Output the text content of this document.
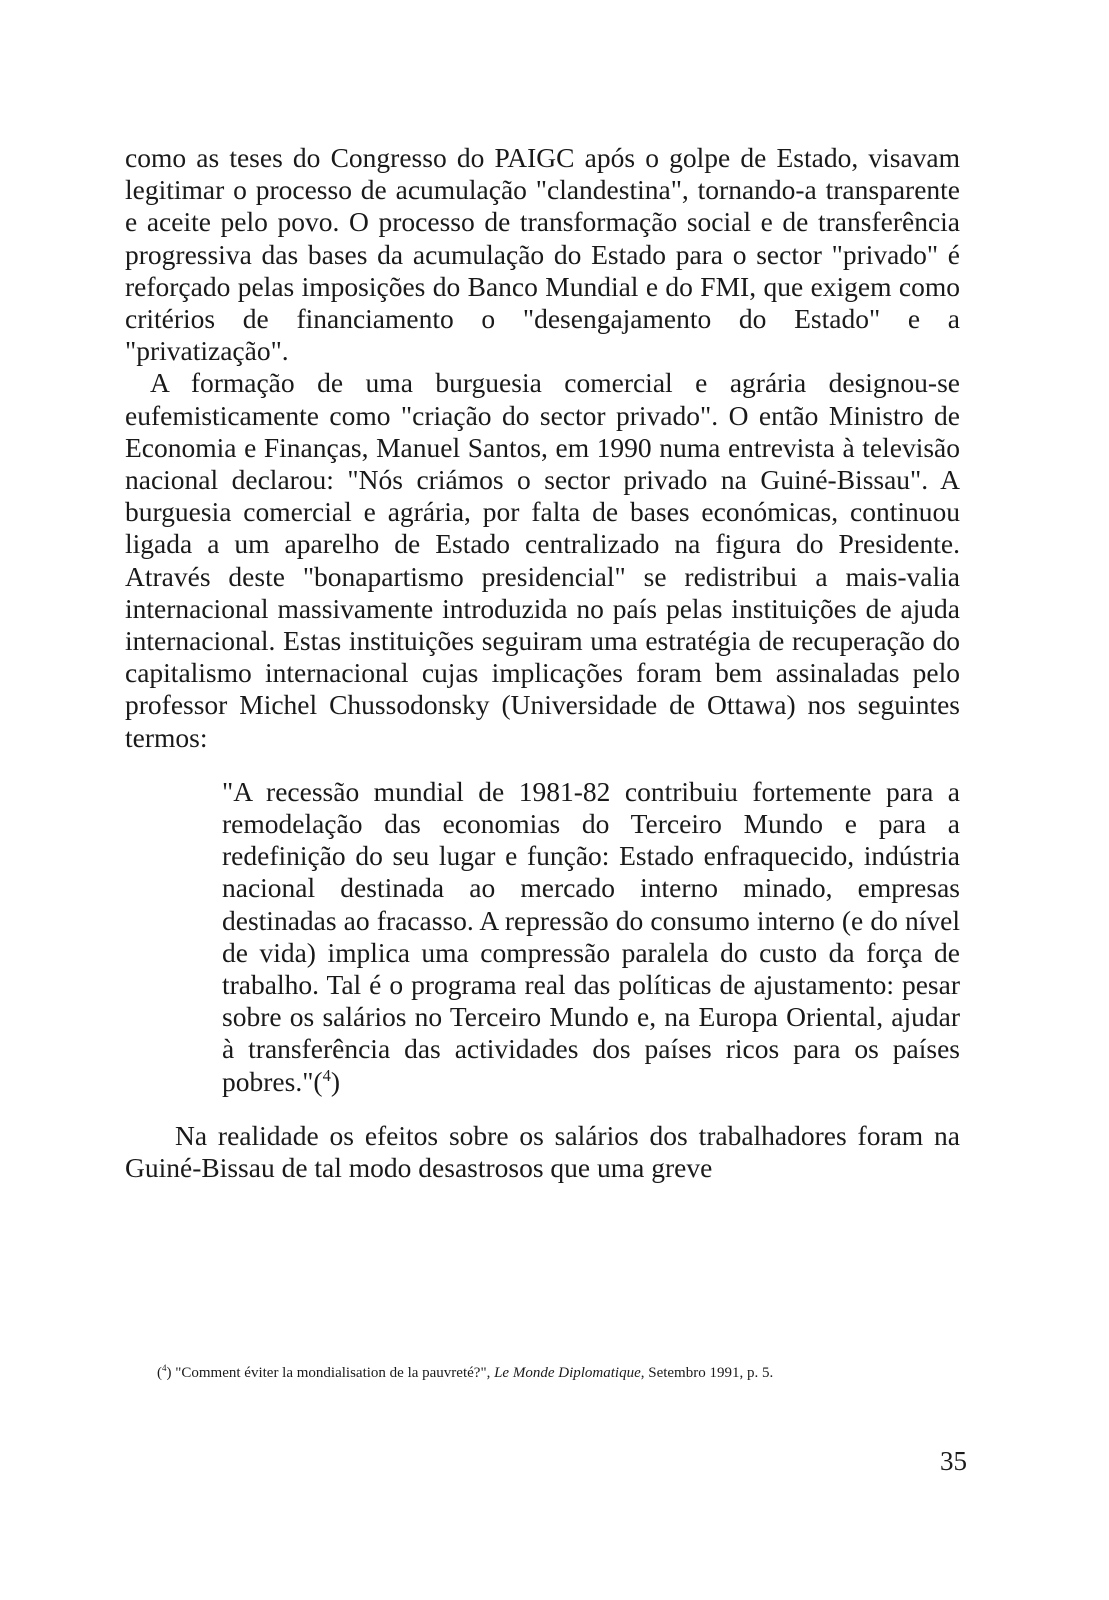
como as teses do Congresso do PAIGC após o golpe de Estado, visavam legitimar o processo de acumulação "clandestina", tornando-a transparente e aceite pelo povo. O processo de transformação social e de transferência progressiva das bases da acumulação do Estado para o sector "privado" é reforçado pelas imposições do Banco Mundial e do FMI, que exigem como critérios de financiamento o "desengajamento do Estado" e a "privatização".

A formação de uma burguesia comercial e agrária designou-se eufemisticamente como "criação do sector privado". O então Ministro de Economia e Finanças, Manuel Santos, em 1990 numa entrevista à televisão nacional declarou: "Nós criámos o sector privado na Guiné-Bissau". A burguesia comercial e agrária, por falta de bases económicas, continuou ligada a um aparelho de Estado centralizado na figura do Presidente. Através deste "bonapartismo presidencial" se redistribui a mais-valia internacional massivamente introduzida no país pelas instituições de ajuda internacional. Estas instituições seguiram uma estratégia de recuperação do capitalismo internacional cujas implicações foram bem assinaladas pelo professor Michel Chussodonsky (Universidade de Ottawa) nos seguintes termos:

"A recessão mundial de 1981-82 contribuiu fortemente para a remodelação das economias do Terceiro Mundo e para a redefinição do seu lugar e função: Estado enfraquecido, indústria nacional destinada ao mercado interno minado, empresas destinadas ao fracasso. A repressão do consumo interno (e do nível de vida) implica uma compressão paralela do custo da força de trabalho. Tal é o programa real das políticas de ajustamento: pesar sobre os salários no Terceiro Mundo e, na Europa Oriental, ajudar à transferência das actividades dos países ricos para os países pobres."($^4$)

Na realidade os efeitos sobre os salários dos trabalhadores foram na Guiné-Bissau de tal modo desastrosos que uma greve

($^4$) "Comment éviter la mondialisation de la pauvreté?", Le Monde Diplomatique, Setembro 1991, p. 5.
35
